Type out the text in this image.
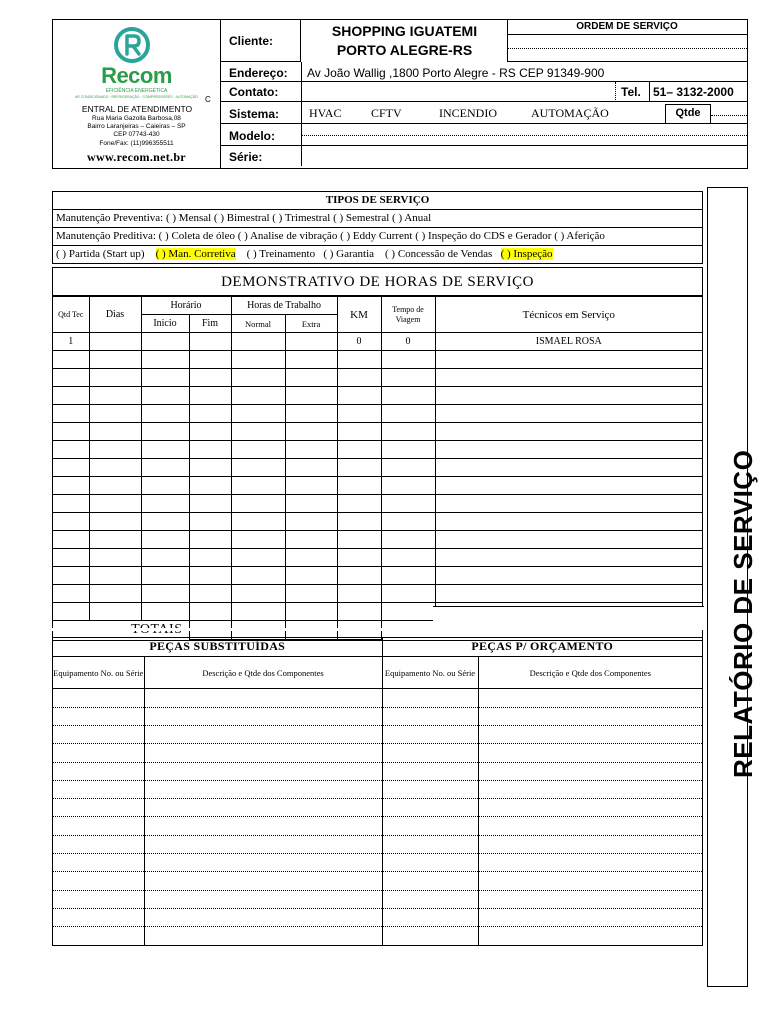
Recom
EFICIÊNCIA ENERGÉTICA
AR CONDICIONADO · REFRIGERAÇÃO · COMPRESSORES · AUTOMAÇÃO
ENTRAL DE ATENDIMENTO
Rua Maria Gazolla Barbosa,08
Bairro Laranjeiras – Caieiras – SP
CEP 07743-430
Fone/Fax: (11)996355511
www.recom.net.br
C
Cliente:
SHOPPING IGUATEMI
PORTO ALEGRE-RS
ORDEM DE SERVIÇO
Endereço: Av João Wallig ,1800 Porto Alegre - RS CEP 91349-900
Contato:	Tel. 51– 3132-2000
Sistema: HVAC CFTV	INCENDIO	AUTOMAÇÃO	Qtde
Modelo:
Série:
TIPOS DE SERVIÇO
Manutenção Preventiva: ( ) Mensal ( ) Bimestral ( ) Trimestral ( ) Semestral ( ) Anual
Manutenção Preditiva: ( ) Coleta de óleo ( ) Analise de vibração ( ) Eddy Current ( ) Inspeção do CDS e Gerador ( ) Aferição
( ) Partida (Start up)    ( ) Man. Corretiva    ( ) Treinamento   ( ) Garantia    ( ) Concessão de Vendas   ( ) Inspeção
DEMONSTRATIVO DE HORAS DE SERVIÇO
Qtd Tec	Dias	Horário		Horas de Trabalho		KM	Tempo de Viagem	Técnicos em Serviço
		Inicio	Fim	Normal	Extra			
1						0	0	ISMAEL ROSA

PEÇAS SUBSTITUÍDAS		PEÇAS P/ ORÇAMENTO	
Equipamento No. ou Série	Descrição e Qtde dos Componentes	Equipamento No. ou Série	Descrição e Qtde dos Componentes

				RELATÓRIO DE SERVIÇO
